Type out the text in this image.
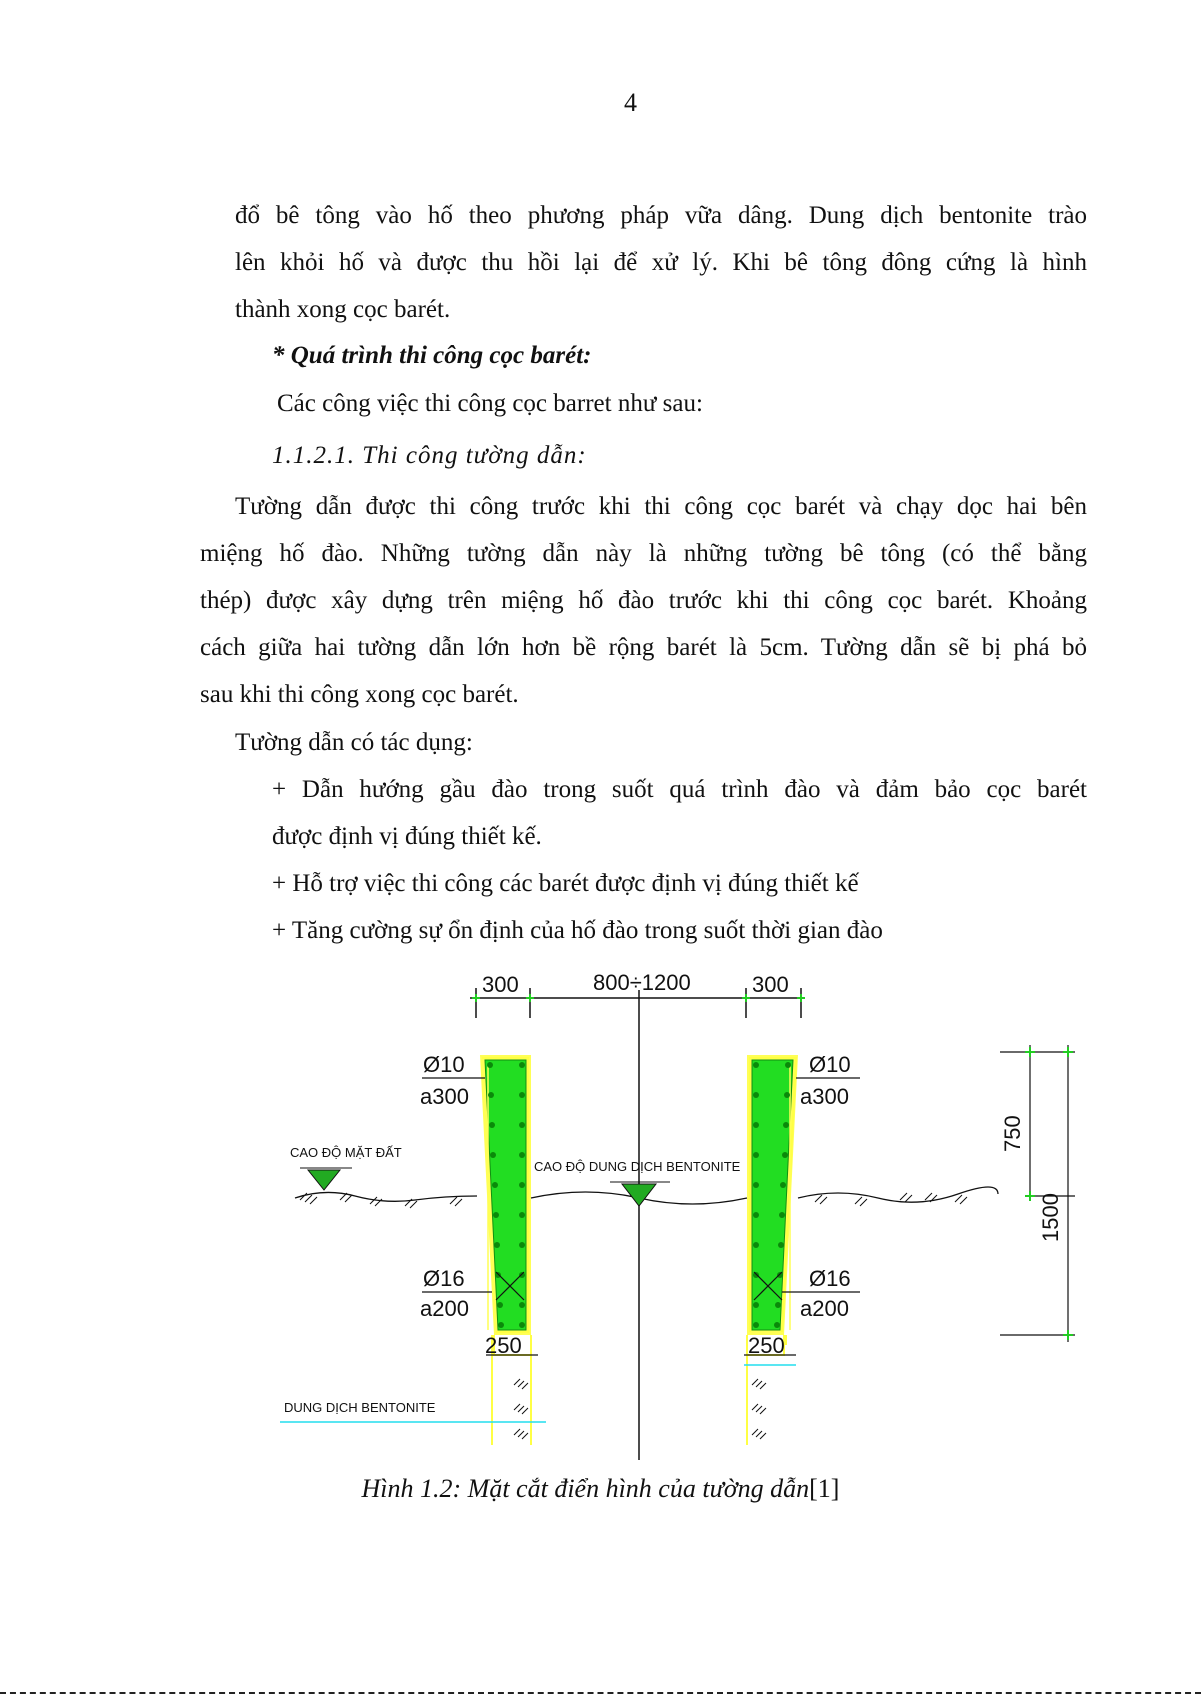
4
đổ bê tông vào hố theo phương pháp vữa dâng. Dung dịch bentonite trào
lên khỏi hố và được thu hồi lại để xử lý. Khi bê tông đông cứng là hình
thành xong cọc barét.
* Quá trình thi công cọc barét:
Các công việc thi công cọc barret như sau:
1.1.2.1. Thi công tường dẫn:
Tường dẫn được thi công trước khi thi công cọc barét và chạy dọc hai bên
miệng hố đào. Những tường dẫn này là những tường bê tông (có thể bằng
thép) được xây dựng trên miệng hố đào trước khi thi công cọc barét. Khoảng
cách giữa hai tường dẫn lớn hơn bề rộng barét là 5cm. Tường dẫn sẽ bị phá bỏ
sau khi thi công xong cọc barét.
Tường dẫn có tác dụng:
+ Dẫn hướng gầu đào trong suốt quá trình đào và đảm bảo cọc barét
được định vị đúng thiết kế.
+ Hỗ trợ việc thi công các barét được định vị đúng thiết kế
+ Tăng cường sự ổn định của hố đào trong suốt thời gian đào
300	800÷1200	300
Ø10
a300
Ø10
a300
Ø16
a200
Ø16
a200
250	250
CAO ĐỘ MẶT ĐẤT
CAO ĐỘ DUNG DỊCH BENTONITE
DUNG DỊCH BENTONITE
750
1500
Hình 1.2: Mặt cắt điển hình của tường dẫn[1]
